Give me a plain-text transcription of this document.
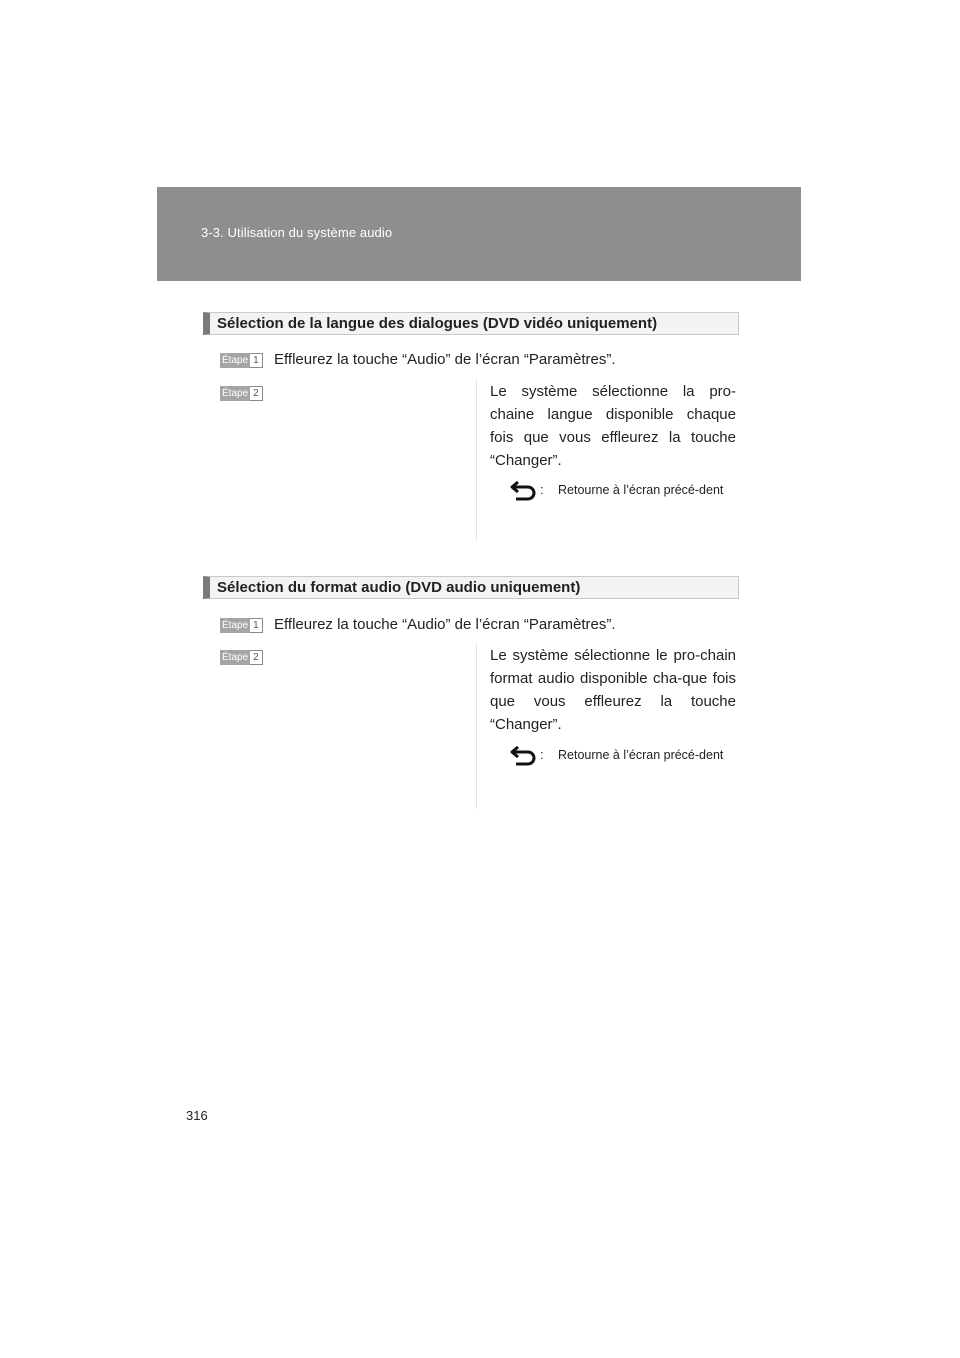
3-3. Utilisation du système audio
Sélection de la langue des dialogues (DVD vidéo uniquement)
Étape 1 Effleurez la touche “Audio” de l’écran “Paramètres”.
Étape 2	Le système sélectionne la pro-chaine langue disponible chaque fois que vous effleurez la touche “Changer”.
: Retourne à l’écran précé-dent
Sélection du format audio (DVD audio uniquement)
Étape 1 Effleurez la touche “Audio” de l’écran “Paramètres”.
Étape 2	Le système sélectionne le pro-chain format audio disponible cha-que fois que vous effleurez la touche “Changer”.
: Retourne à l’écran précé-dent
316
